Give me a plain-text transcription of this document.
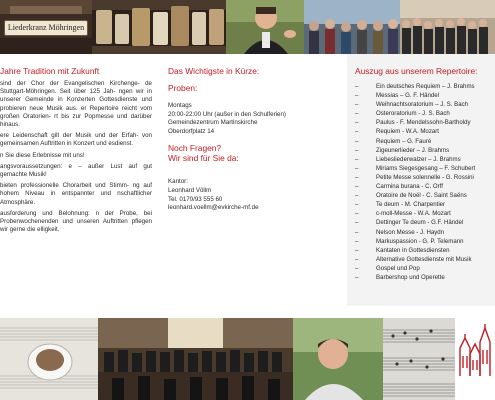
Liederkranz Möhringen
Jahre Tradition mit Zukunft

sind der Chor der Evangelischen Kirchenge- de Stuttgart-Möhringen. Seit über 125 Jah- ngen wir in unserer Gemeinde in Konzerten Gottesdienste und probieren neue Musik aus. er Repertoire reicht vom großen Oratorien- rt bis zur Popmesse und darüber hinaus.

ere Leidenschaft gilt der Musik und der Erfah- von gemeinsamen Auftritten in Konzert und esdienst.

n Sie diese Erlebnisse mit uns!

angsvoraussetzungen: e – außer Lust auf gut gemachte Musik!

bieten professionelle Chorarbeit und Stimm- ng auf hohem Niveau in entspannter und nschaftlicher Atmosphäre.

ausforderung und Belohnung: n der Probe, bei Probenwochenenden und unseren Auftritten pflegen wir gerne die elligkeit.

Das Wichtigste in Kürze:
Proben:
Montags
20:00-22:00 Uhr (außer in den Schulferien)
Gemeindezentrum Martinskirche
Oberdorfplatz 14
Noch Fragen?
Wir sind für Sie da:
Kantor:
Leonhard Völlm
Tel. 0170/93 555 60
leonhard.voellm@evkirche-mf.de
Auszug aus unserem Repertoire:
–	Ein deutsches Requiem – J. Brahms
–	Messias – G. F. Händel
–	Weihnachtsoratorium – J. S. Bach
–	Osteroratorium - J. S. Bach
–	Paulus - F. Mendelssohn-Bartholdy
–	Requiem - W.A. Mozart
–	Requiem – G. Fauré
–	Zigeunerlieder – J. Brahms
–	Liebesliederwalzer – J. Brahms
–	Miriams Siegesgesang – F. Schubert
–	Petite Messe solennelle - G. Rossini
–	Carmina burana - C. Orff
–	Oratoire de Noël - C. Saint Saëns
–	Te deum - M. Charpentier
–	c-moll-Messe - W.A. Mozart
–	Dettinger Te deum - G.F. Händel
–	Nelson Messe - J. Haydn
–	Markuspassion - G. P. Telemann
–	Kantaten in Gottesdiensten
–	Alternative Gottesdienste mit Musik
–	Gospel und Pop
–	Barbershop und Operette
